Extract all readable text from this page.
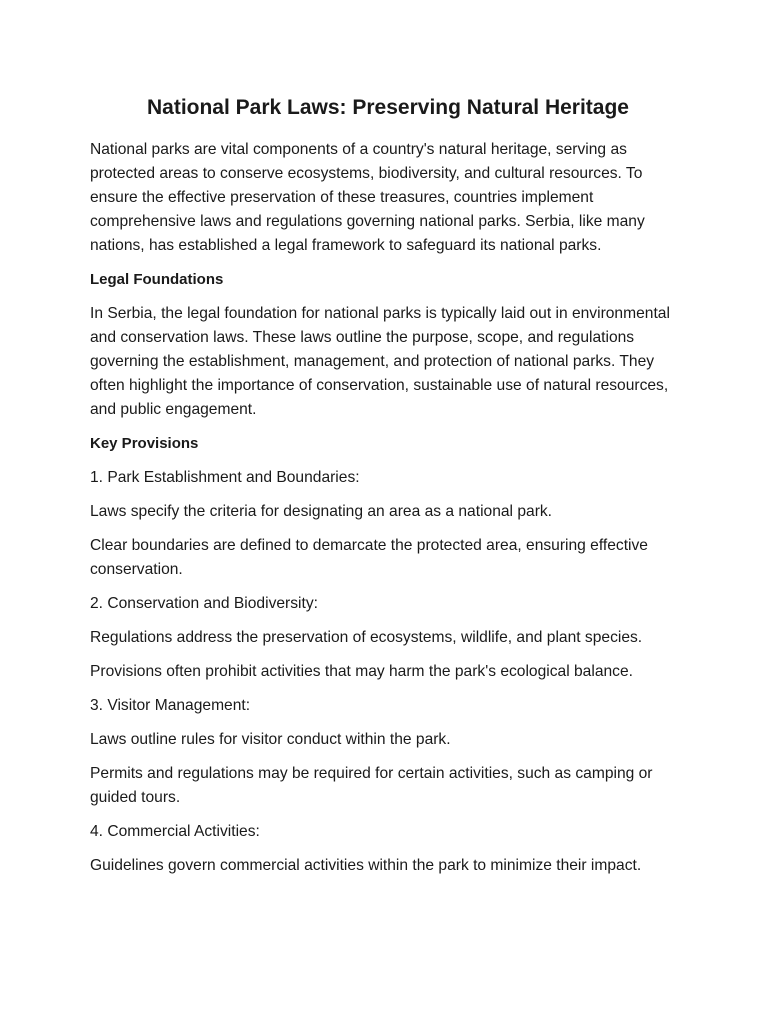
National Park Laws: Preserving Natural Heritage

National parks are vital components of a country's natural heritage, serving as protected areas to conserve ecosystems, biodiversity, and cultural resources. To ensure the effective preservation of these treasures, countries implement comprehensive laws and regulations governing national parks. Serbia, like many nations, has established a legal framework to safeguard its national parks.

Legal Foundations

In Serbia, the legal foundation for national parks is typically laid out in environmental and conservation laws. These laws outline the purpose, scope, and regulations governing the establishment, management, and protection of national parks. They often highlight the importance of conservation, sustainable use of natural resources, and public engagement.

Key Provisions

1. Park Establishment and Boundaries:

Laws specify the criteria for designating an area as a national park.

Clear boundaries are defined to demarcate the protected area, ensuring effective conservation.

2. Conservation and Biodiversity:

Regulations address the preservation of ecosystems, wildlife, and plant species.

Provisions often prohibit activities that may harm the park's ecological balance.

3. Visitor Management:

Laws outline rules for visitor conduct within the park.

Permits and regulations may be required for certain activities, such as camping or guided tours.

4. Commercial Activities:

Guidelines govern commercial activities within the park to minimize their impact.
